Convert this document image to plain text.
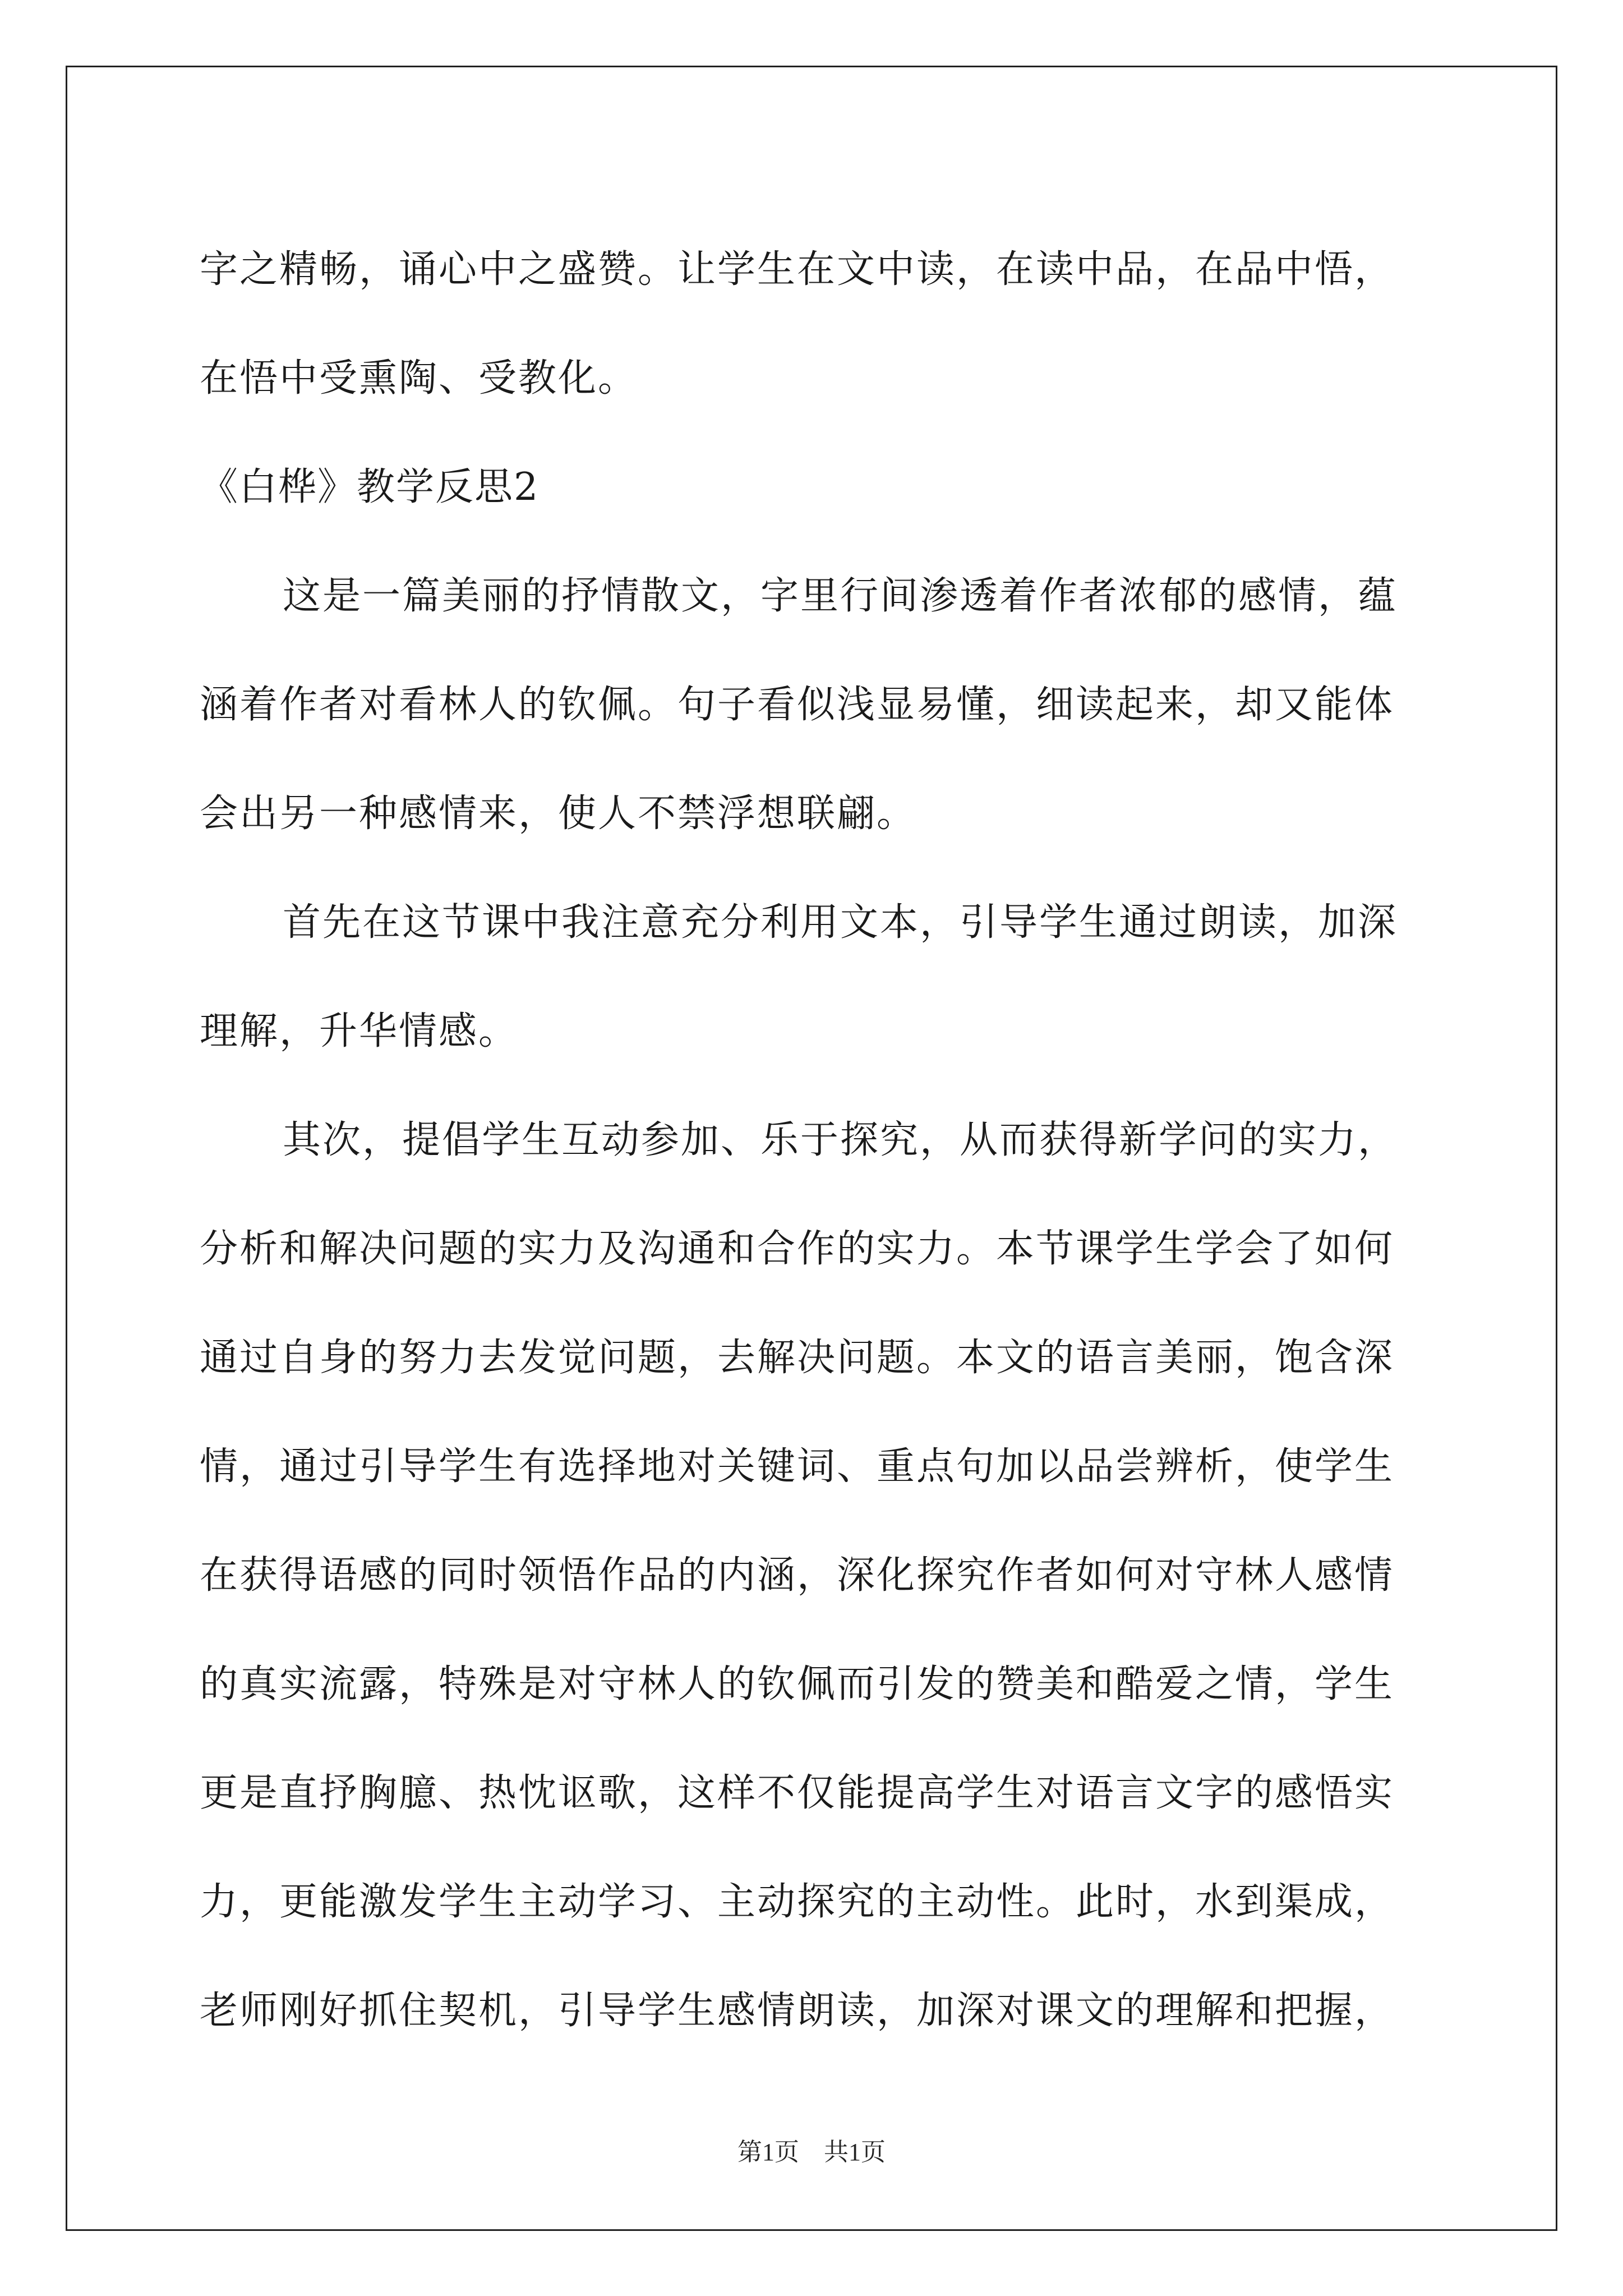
字之精畅，诵心中之盛赞。让学生在文中读，在读中品，在品中悟，
在悟中受熏陶、受教化。
《白桦》教学反思2
这是一篇美丽的抒情散文，字里行间渗透着作者浓郁的感情，蕴
涵着作者对看林人的钦佩。句子看似浅显易懂，细读起来，却又能体
会出另一种感情来，使人不禁浮想联翩。
首先在这节课中我注意充分利用文本，引导学生通过朗读，加深
理解，升华情感。
其次，提倡学生互动参加、乐于探究，从而获得新学问的实力，
分析和解决问题的实力及沟通和合作的实力。本节课学生学会了如何
通过自身的努力去发觉问题，去解决问题。本文的语言美丽，饱含深
情，通过引导学生有选择地对关键词、重点句加以品尝辨析，使学生
在获得语感的同时领悟作品的内涵，深化探究作者如何对守林人感情
的真实流露，特殊是对守林人的钦佩而引发的赞美和酷爱之情，学生
更是直抒胸臆、热忱讴歌，这样不仅能提高学生对语言文字的感悟实
力，更能激发学生主动学习、主动探究的主动性。此时，水到渠成，
老师刚好抓住契机，引导学生感情朗读，加深对课文的理解和把握，
第1页 共1页
